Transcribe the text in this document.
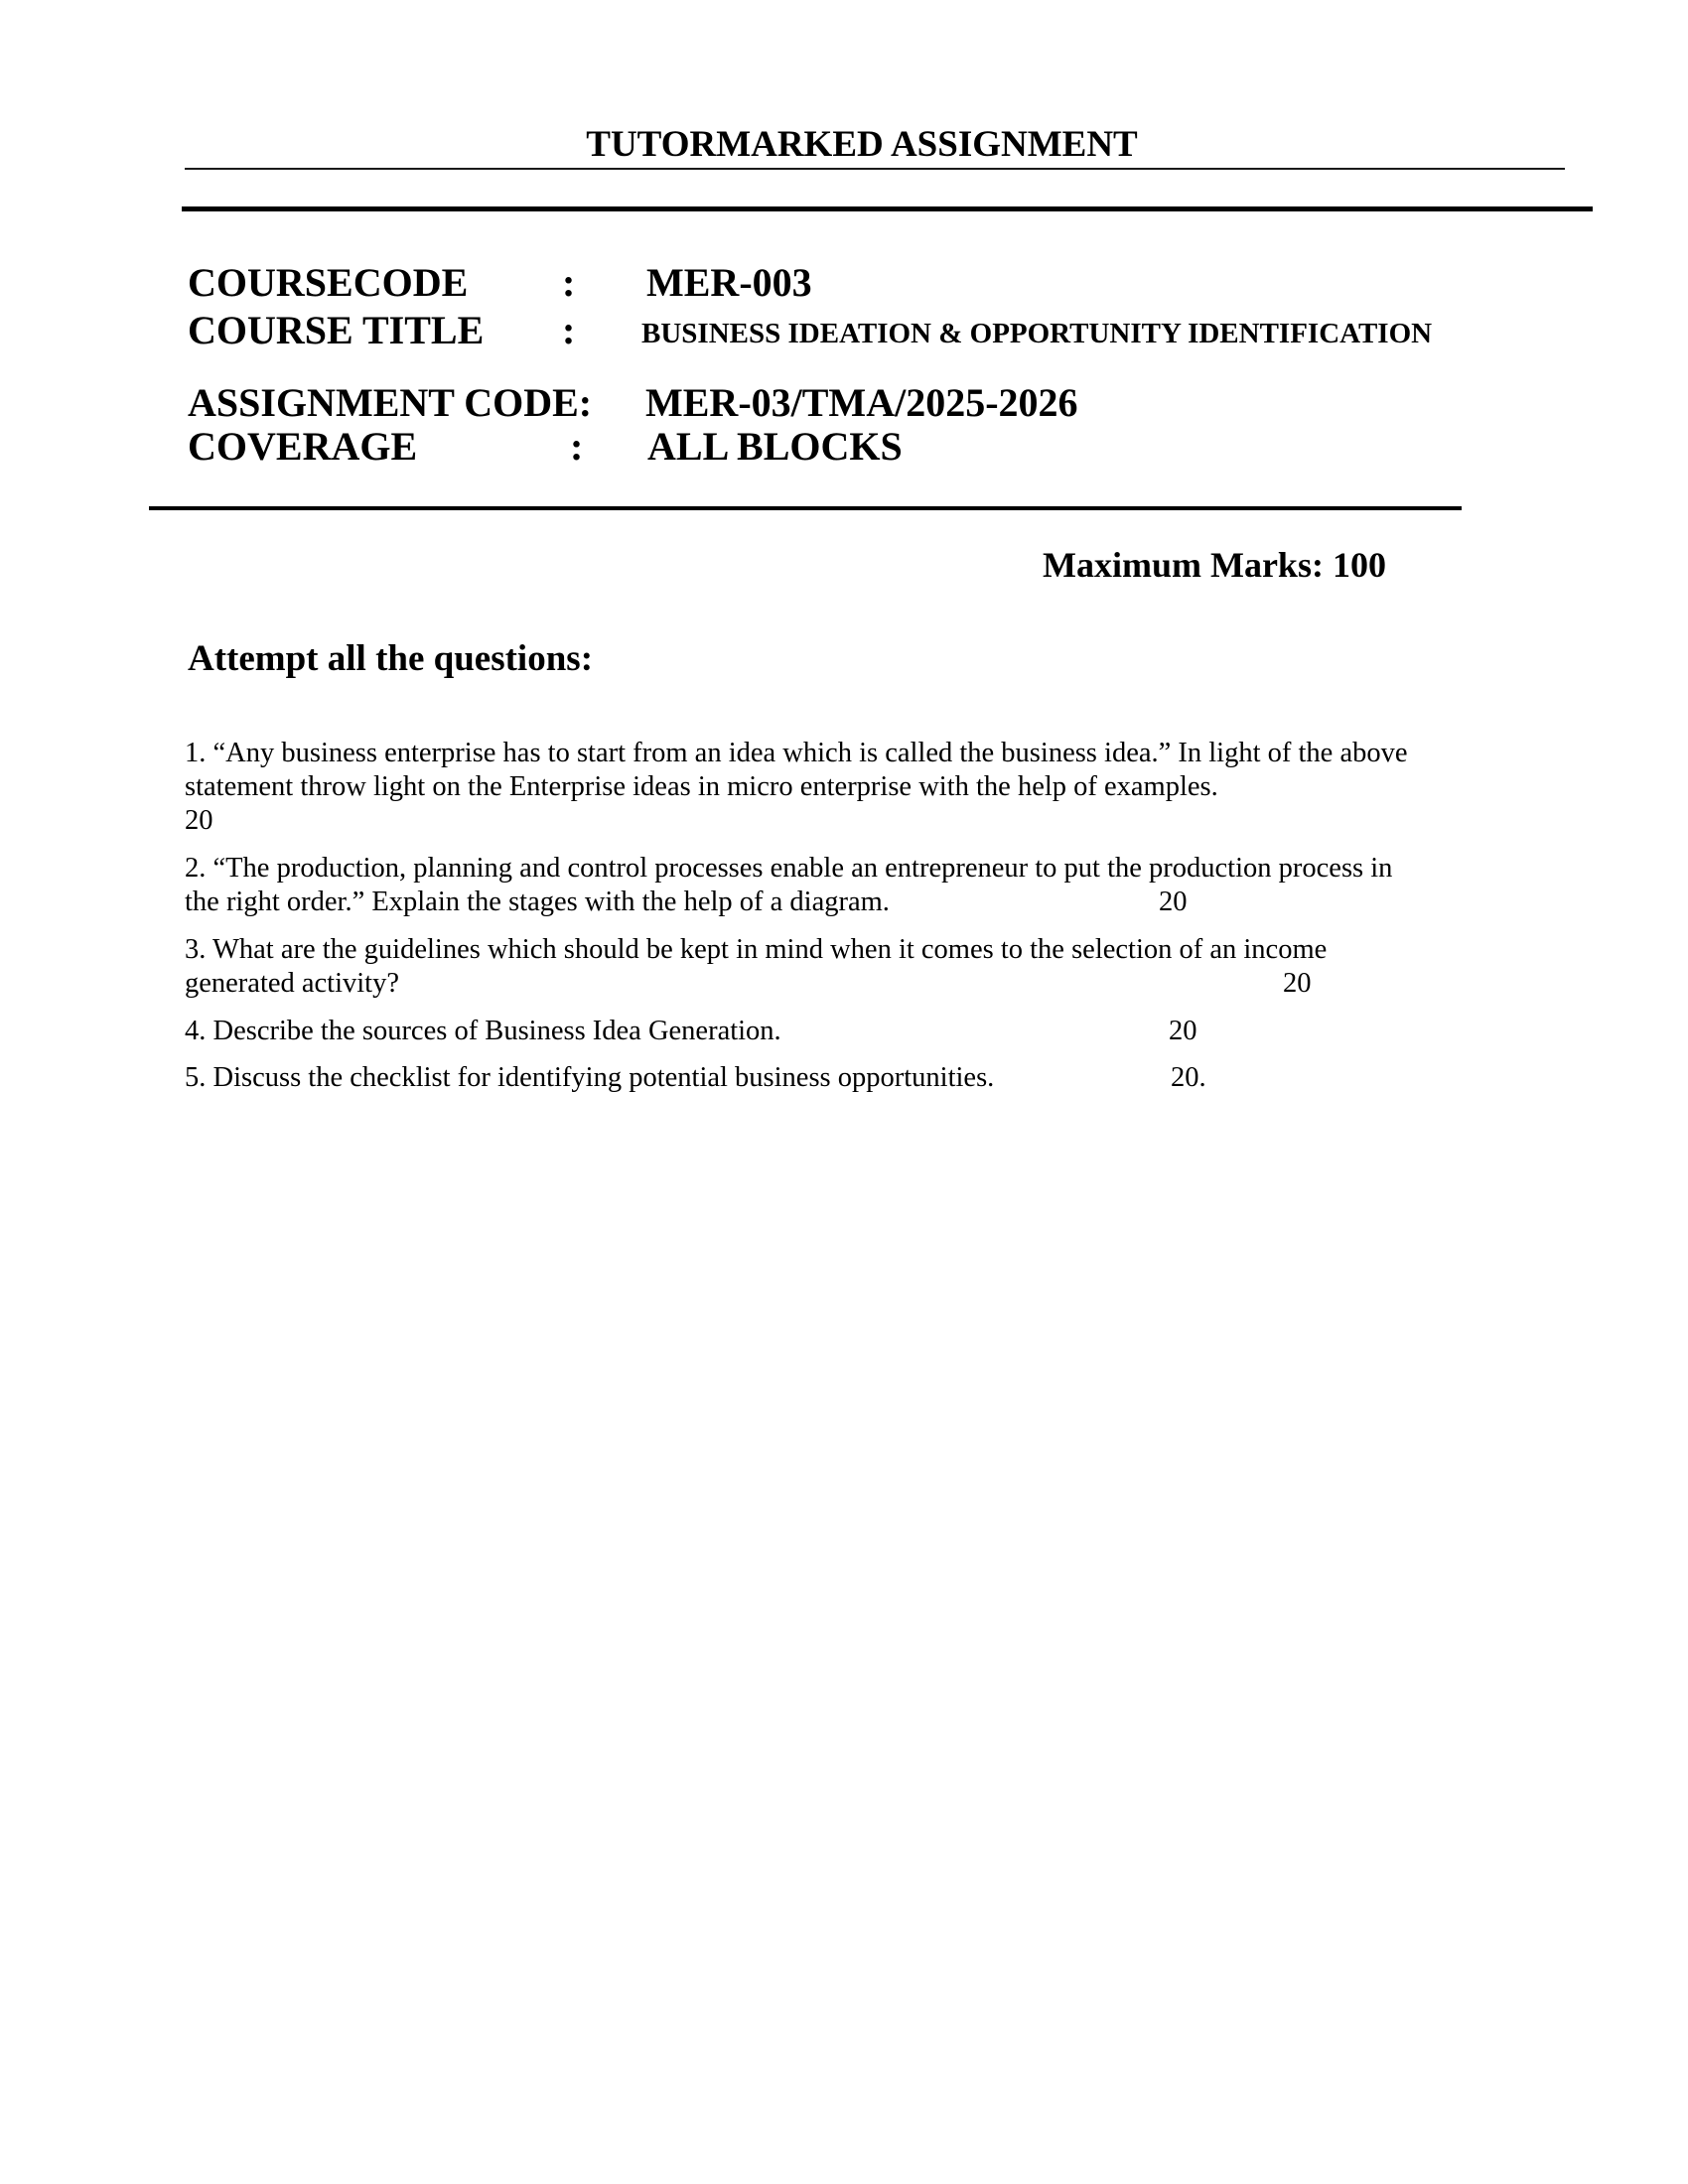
TUTORMARKED ASSIGNMENT
COURSECODE : MER-003
COURSE TITLE : BUSINESS IDEATION & OPPORTUNITY IDENTIFICATION
ASSIGNMENT CODE: MER-03/TMA/2025-2026
COVERAGE	: ALL BLOCKS
Maximum Marks: 100
Attempt all the questions:
1. “Any business enterprise has to start from an idea which is called the business idea.” In light of the above
statement throw light on the Enterprise ideas in micro enterprise with the help of examples.
20
2. “The production, planning and control processes enable an entrepreneur to put the production process in
the right order.” Explain the stages with the help of a diagram.	20
3. What are the guidelines which should be kept in mind when it comes to the selection of an income
generated activity?	20
4. Describe the sources of Business Idea Generation.	20
5. Discuss the checklist for identifying potential business opportunities.	20.
